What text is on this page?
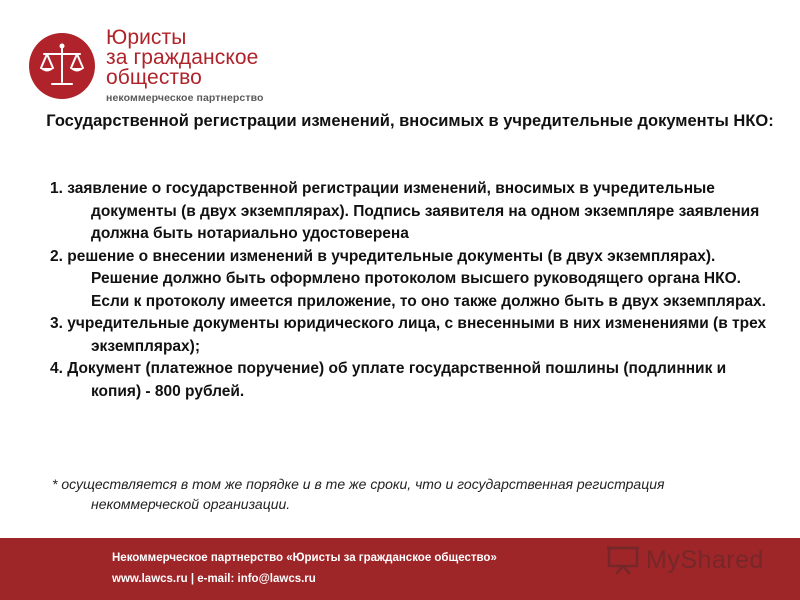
Юристы
за гражданское
общество
некоммерческое партнерство
Государственной регистрации изменений, вносимых в учредительные документы НКО:
1. заявление о государственной регистрации изменений, вносимых в учредительные документы (в двух экземплярах). Подпись заявителя на одном экземпляре заявления должна быть нотариально удостоверена
2. решение о внесении изменений в учредительные документы (в двух экземплярах). Решение должно быть оформлено протоколом высшего руководящего органа НКО. Если к протоколу имеется приложение, то оно также должно быть в двух экземплярах.
3. учредительные документы юридического лица, с внесенными в них изменениями (в трех экземплярах);
4. Документ (платежное поручение) об уплате государственной пошлины (подлинник и копия) - 800 рублей.
* осуществляется в том же порядке и в те же сроки, что и государственная регистрация некоммерческой организации.
Некоммерческое партнерство «Юристы за гражданское общество»
www.lawcs.ru | e-mail: info@lawcs.ru
MyShared
